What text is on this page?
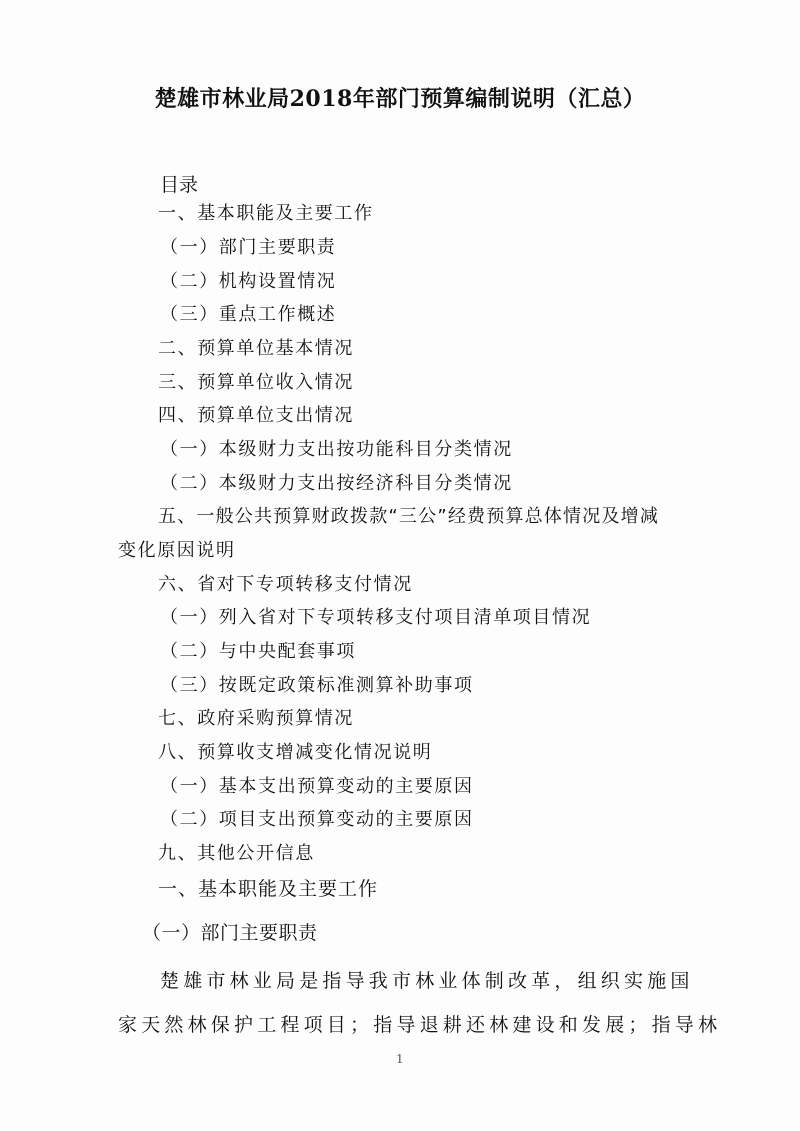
楚雄市林业局2018年部门预算编制说明（汇总）
目录
一、基本职能及主要工作
（一）部门主要职责
（二）机构设置情况
（三）重点工作概述
二、预算单位基本情况
三、预算单位收入情况
四、预算单位支出情况
（一）本级财力支出按功能科目分类情况
（二）本级财力支出按经济科目分类情况
五、一般公共预算财政拨款“三公”经费预算总体情况及增减
变化原因说明
六、省对下专项转移支付情况
（一）列入省对下专项转移支付项目清单项目情况
（二）与中央配套事项
（三）按既定政策标准测算补助事项
七、政府采购预算情况
八、预算收支增减变化情况说明
（一）基本支出预算变动的主要原因
（二）项目支出预算变动的主要原因
九、其他公开信息
一、基本职能及主要工作
（一）部门主要职责
楚雄市林业局是指导我市林业体制改革，组织实施国
家天然林保护工程项目；指导退耕还林建设和发展；指导林
1
